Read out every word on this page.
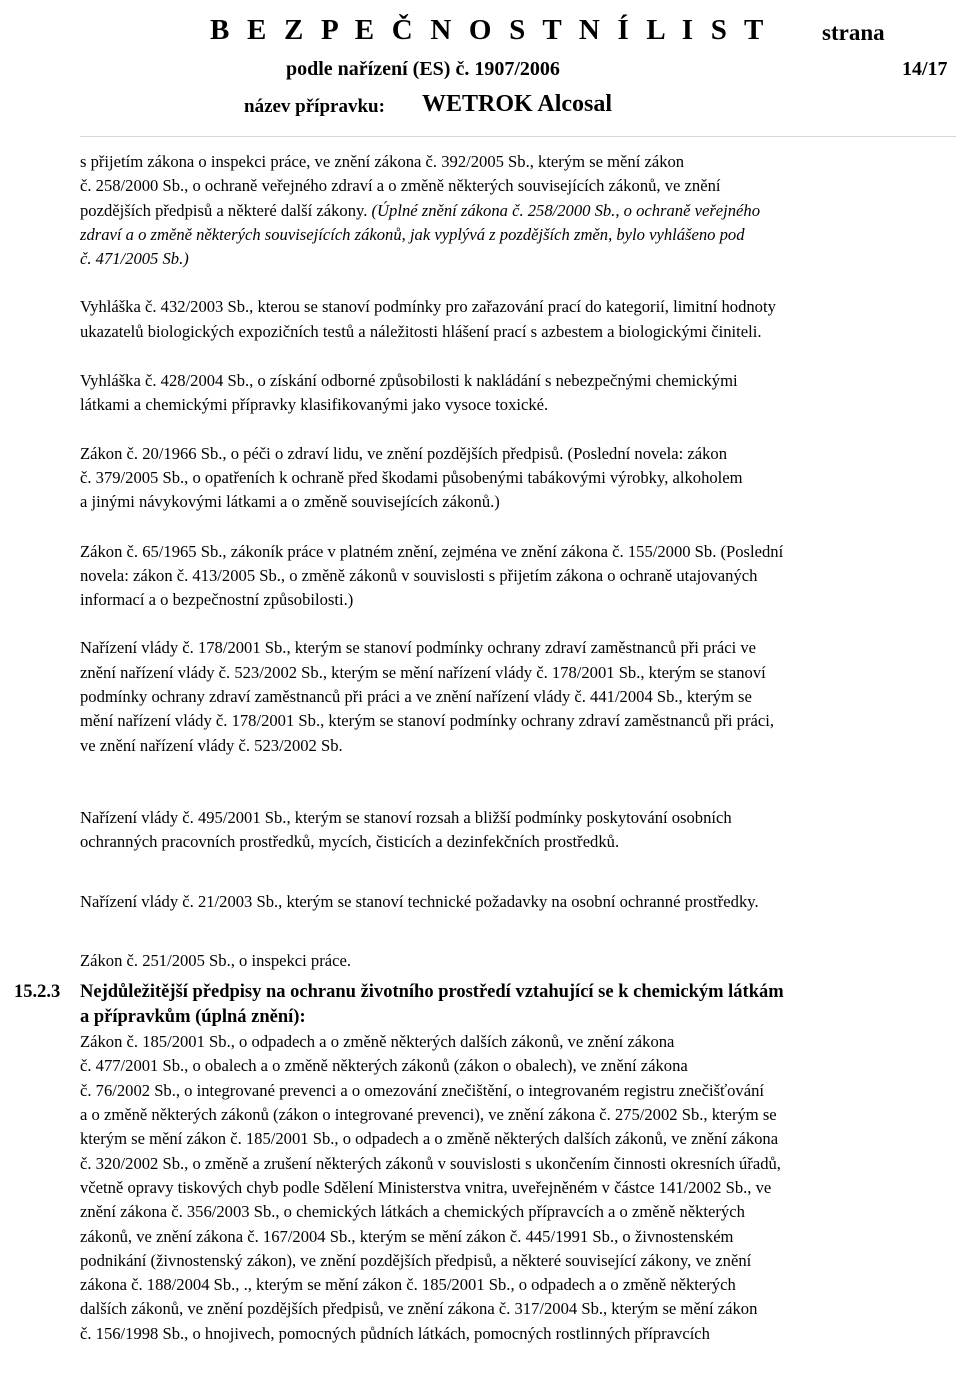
B E Z P E Č N O S T N Í L I S T strana
podle nařízení (ES) č. 1907/2006	14/17
název přípravku: WETROK Alcosal

s přijetím zákona o inspekci práce, ve znění zákona č. 392/2005 Sb., kterým se mění zákon
č. 258/2000 Sb., o ochraně veřejného zdraví a o změně některých souvisejících zákonů, ve znění
pozdějších předpisů a některé další zákony. (Úplné znění zákona č. 258/2000 Sb., o ochraně veřejného
zdraví a o změně některých souvisejících zákonů, jak vyplývá z pozdějších změn, bylo vyhlášeno pod
č. 471/2005 Sb.)

Vyhláška č. 432/2003 Sb., kterou se stanoví podmínky pro zařazování prací do kategorií, limitní hodnoty
ukazatelů biologických expozičních testů a náležitosti hlášení prací s azbestem a biologickými činiteli.

Vyhláška č. 428/2004 Sb., o získání odborné způsobilosti k nakládání s nebezpečnými chemickými
látkami a chemickými přípravky klasifikovanými jako vysoce toxické.

Zákon č. 20/1966 Sb., o péči o zdraví lidu, ve znění pozdějších předpisů. (Poslední novela: zákon
č. 379/2005 Sb., o opatřeních k ochraně před škodami působenými tabákovými výrobky, alkoholem
a jinými návykovými látkami a o změně souvisejících zákonů.)

Zákon č. 65/1965 Sb., zákoník práce v platném znění, zejména ve znění zákona č. 155/2000 Sb. (Poslední
novela: zákon č. 413/2005 Sb., o změně zákonů v souvislosti s přijetím zákona o ochraně utajovaných
informací a o bezpečnostní způsobilosti.)

Nařízení vlády č. 178/2001 Sb., kterým se stanoví podmínky ochrany zdraví zaměstnanců při práci ve
znění nařízení vlády č. 523/2002 Sb., kterým se mění nařízení vlády č. 178/2001 Sb., kterým se stanoví
podmínky ochrany zdraví zaměstnanců při práci a ve znění nařízení vlády č. 441/2004 Sb., kterým se
mění nařízení vlády č. 178/2001 Sb., kterým se stanoví podmínky ochrany zdraví zaměstnanců při práci,
ve znění nařízení vlády č. 523/2002 Sb.

Nařízení vlády č. 495/2001 Sb., kterým se stanoví rozsah a bližší podmínky poskytování osobních
ochranných pracovních prostředků, mycích, čisticích a dezinfekčních prostředků.

Nařízení vlády č. 21/2003 Sb., kterým se stanoví technické požadavky na osobní ochranné prostředky.

Zákon č. 251/2005 Sb., o inspekci práce.

15.2.3 Nejdůležitější předpisy na ochranu životního prostředí vztahující se k chemickým látkám
a přípravkům (úplná znění):

Zákon č. 185/2001 Sb., o odpadech a o změně některých dalších zákonů, ve znění zákona
č. 477/2001 Sb., o obalech a o změně některých zákonů (zákon o obalech), ve znění zákona
č. 76/2002 Sb., o integrované prevenci a o omezování znečištění, o integrovaném registru znečišťování
a o změně některých zákonů (zákon o integrované prevenci), ve znění zákona č. 275/2002 Sb., kterým se
kterým se mění zákon č. 185/2001 Sb., o odpadech a o změně některých dalších zákonů, ve znění zákona
č. 320/2002 Sb., o změně a zrušení některých zákonů v souvislosti s ukončením činnosti okresních úřadů,
včetně opravy tiskových chyb podle Sdělení Ministerstva vnitra, uveřejněném v částce 141/2002 Sb., ve
znění zákona č. 356/2003 Sb., o chemických látkách a chemických přípravcích a o změně některých
zákonů, ve znění zákona č. 167/2004 Sb., kterým se mění zákon č. 445/1991 Sb., o živnostenském
podnikání (živnostenský zákon), ve znění pozdějších předpisů, a některé související zákony, ve znění
zákona č. 188/2004 Sb., ., kterým se mění zákon č. 185/2001 Sb., o odpadech a o změně některých
dalších zákonů, ve znění pozdějších předpisů, ve znění zákona č. 317/2004 Sb., kterým se mění zákon
č. 156/1998 Sb., o hnojivech, pomocných půdních látkách, pomocných rostlinných přípravcích
